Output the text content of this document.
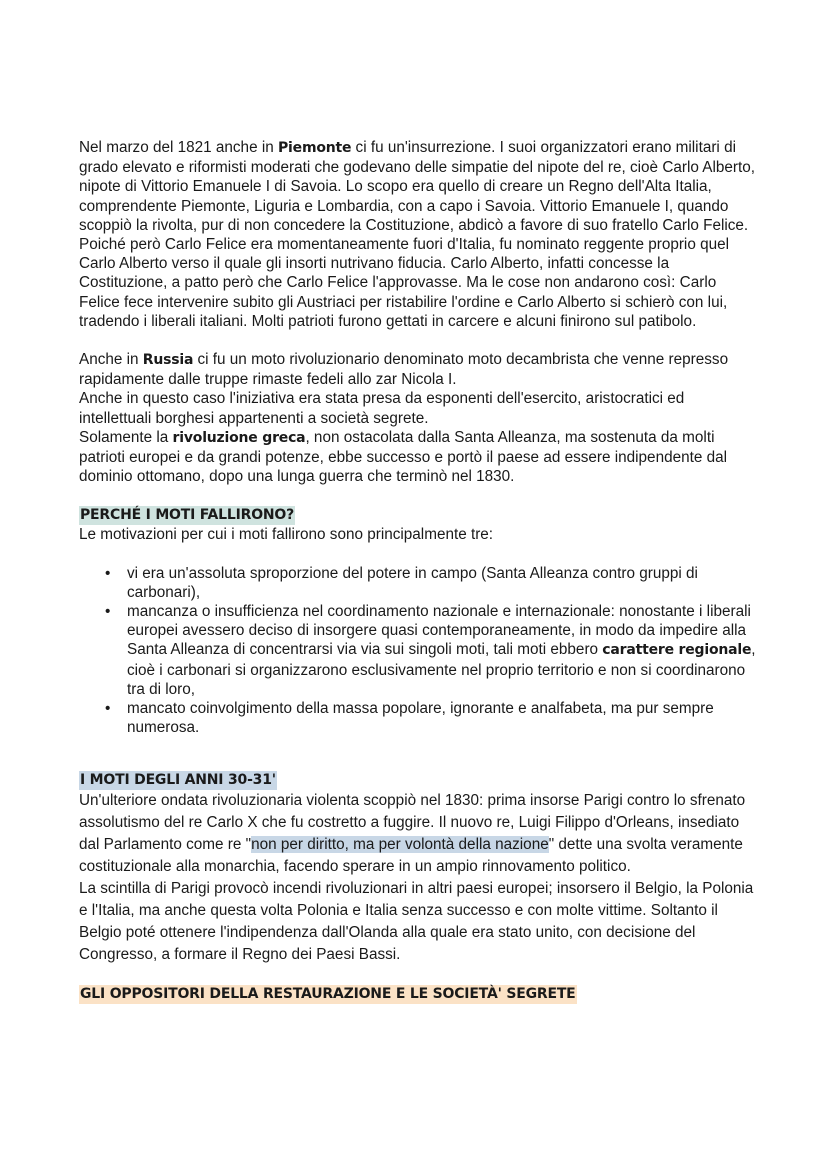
Nel marzo del 1821 anche in Piemonte ci fu un'insurrezione. I suoi organizzatori erano militari di grado elevato e riformisti moderati che godevano delle simpatie del nipote del re, cioè Carlo Alberto, nipote di Vittorio Emanuele I di Savoia. Lo scopo era quello di creare un Regno dell'Alta Italia, comprendente Piemonte, Liguria e Lombardia, con a capo i Savoia. Vittorio Emanuele I, quando scoppiò la rivolta, pur di non concedere la Costituzione, abdicò a favore di suo fratello Carlo Felice. Poiché però Carlo Felice era momentaneamente fuori d'Italia, fu nominato reggente proprio quel Carlo Alberto verso il quale gli insorti nutrivano fiducia. Carlo Alberto, infatti concesse la Costituzione, a patto però che Carlo Felice l'approvasse. Ma le cose non andarono così: Carlo Felice fece intervenire subito gli Austriaci per ristabilire l'ordine e Carlo Alberto si schierò con lui, tradendo i liberali italiani. Molti patrioti furono gettati in carcere e alcuni finirono sul patibolo.

Anche in Russia ci fu un moto rivoluzionario denominato moto decambrista che venne represso rapidamente dalle truppe rimaste fedeli allo zar Nicola I.

Anche in questo caso l'iniziativa era stata presa da esponenti dell'esercito, aristocratici ed intellettuali borghesi appartenenti a società segrete.

Solamente la rivoluzione greca, non ostacolata dalla Santa Alleanza, ma sostenuta da molti patrioti europei e da grandi potenze, ebbe successo e portò il paese ad essere indipendente dal dominio ottomano, dopo una lunga guerra che terminò nel 1830.

PERCHÉ I MOTI FALLIRONO?

Le motivazioni per cui i moti fallirono sono principalmente tre:

• vi era un'assoluta sproporzione del potere in campo (Santa Alleanza contro gruppi di carbonari),
• mancanza o insufficienza nel coordinamento nazionale e internazionale: nonostante i liberali europei avessero deciso di insorgere quasi contemporaneamente, in modo da impedire alla Santa Alleanza di concentrarsi via via sui singoli moti, tali moti ebbero carattere regionale, cioè i carbonari si organizzarono esclusivamente nel proprio territorio e non si coordinarono tra di loro,
• mancato coinvolgimento della massa popolare, ignorante e analfabeta, ma pur sempre numerosa.
I MOTI DEGLI ANNI 30-31'

Un'ulteriore ondata rivoluzionaria violenta scoppiò nel 1830: prima insorse Parigi contro lo sfrenato assolutismo del re Carlo X che fu costretto a fuggire. Il nuovo re, Luigi Filippo d'Orleans, insediato dal Parlamento come re "non per diritto, ma per volontà della nazione" dette una svolta veramente costituzionale alla monarchia, facendo sperare in un ampio rinnovamento politico.

La scintilla di Parigi provocò incendi rivoluzionari in altri paesi europei; insorsero il Belgio, la Polonia e l'Italia, ma anche questa volta Polonia e Italia senza successo e con molte vittime. Soltanto il Belgio poté ottenere l'indipendenza dall'Olanda alla quale era stato unito, con decisione del Congresso, a formare il Regno dei Paesi Bassi.

GLI OPPOSITORI DELLA RESTAURAZIONE E LE SOCIETÀ' SEGRETE
